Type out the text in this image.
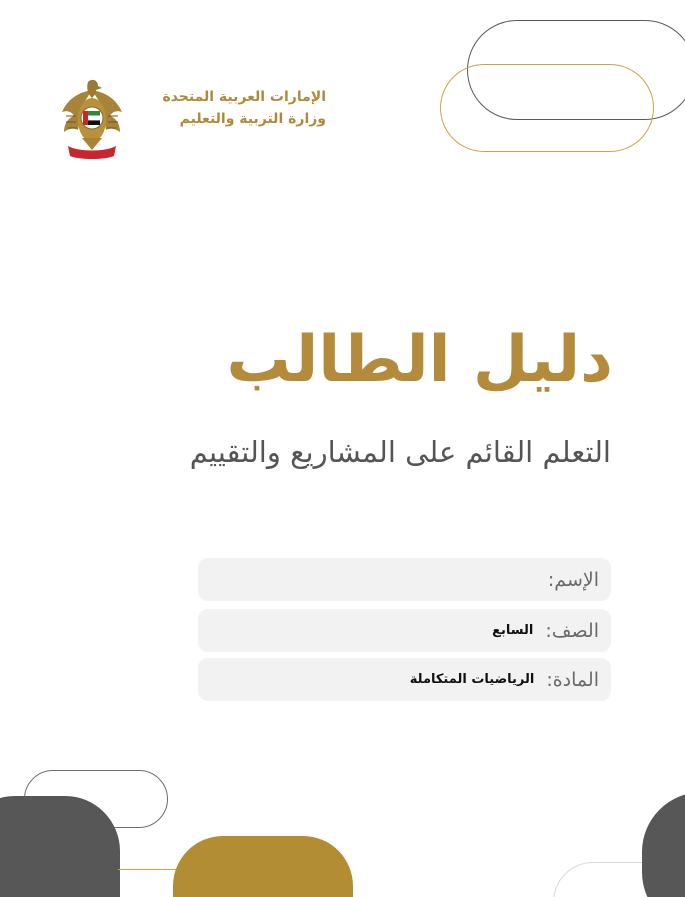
الإمارات العربية المتحدة
وزارة التربية والتعليم
دليل الطالب
التعلم القائم على المشاريع والتقييم
الإسم:
الصف:
السابع
المادة:
الرياضيات المتكاملة
